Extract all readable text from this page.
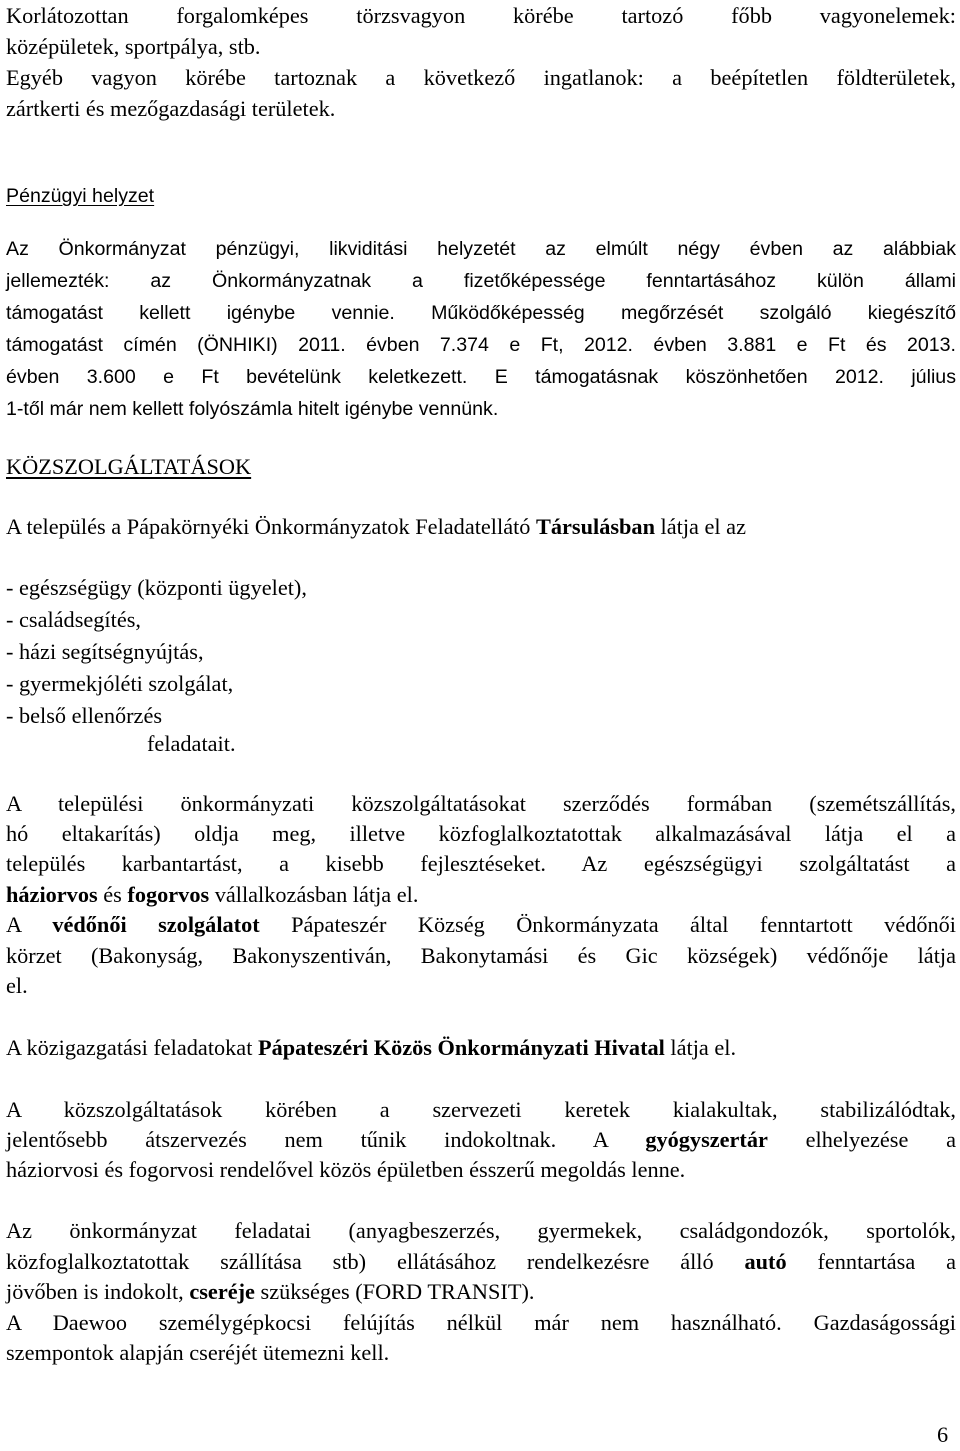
Korlátozottan forgalomképes törzsvagyon körébe tartozó főbb vagyonelemek:
középületek, sportpálya, stb.
Egyéb vagyon körébe tartoznak a következő ingatlanok: a beépítetlen földterületek,
zártkerti és mezőgazdasági területek.
Pénzügyi helyzet
Az Önkormányzat pénzügyi, likviditási helyzetét az elmúlt négy évben az alábbiak
jellemezték: az Önkormányzatnak a fizetőképessége fenntartásához külön állami
támogatást kellett igénybe vennie. Működőképesség megőrzését szolgáló kiegészítő
támogatást címén (ÖNHIKI) 2011. évben 7.374 e Ft, 2012. évben 3.881 e Ft és 2013.
évben 3.600 e Ft bevételünk keletkezett. E támogatásnak köszönhetően 2012. július
1-től már nem kellett folyószámla hitelt igénybe vennünk.
KÖZSZOLGÁLTATÁSOK
A település a Pápakörnyéki Önkormányzatok Feladatellátó Társulásban látja el az
- egészségügy (központi ügyelet),
- családsegítés,
- házi segítségnyújtás,
- gyermekjóléti szolgálat,
- belső ellenőrzés
feladatait.
A települési önkormányzati közszolgáltatásokat szerződés formában (szemétszállítás,
hó eltakarítás) oldja meg, illetve közfoglalkoztatottak alkalmazásával látja el a
település karbantartást, a kisebb fejlesztéseket. Az egészségügyi szolgáltatást a
háziorvos és fogorvos vállalkozásban látja el.
A védőnői szolgálatot Pápateszér Község Önkormányzata által fenntartott védőnői
körzet (Bakonyság, Bakonyszentiván, Bakonytamási és Gic községek) védőnője látja
el.
A közigazgatási feladatokat Pápateszéri Közös Önkormányzati Hivatal látja el.
A közszolgáltatások körében a szervezeti keretek kialakultak, stabilizálódtak,
jelentősebb átszervezés nem tűnik indokoltnak. A gyógyszertár elhelyezése a
háziorvosi és fogorvosi rendelővel közös épületben ésszerű megoldás lenne.
Az önkormányzat feladatai (anyagbeszerzés, gyermekek, családgondozók, sportolók,
közfoglalkoztatottak szállítása stb) ellátásához rendelkezésre álló autó fenntartása a
jövőben is indokolt, cseréje szükséges (FORD TRANSIT).
A Daewoo személygépkocsi felújítás nélkül már nem használható. Gazdaságossági
szempontok alapján cseréjét ütemezni kell.
6
